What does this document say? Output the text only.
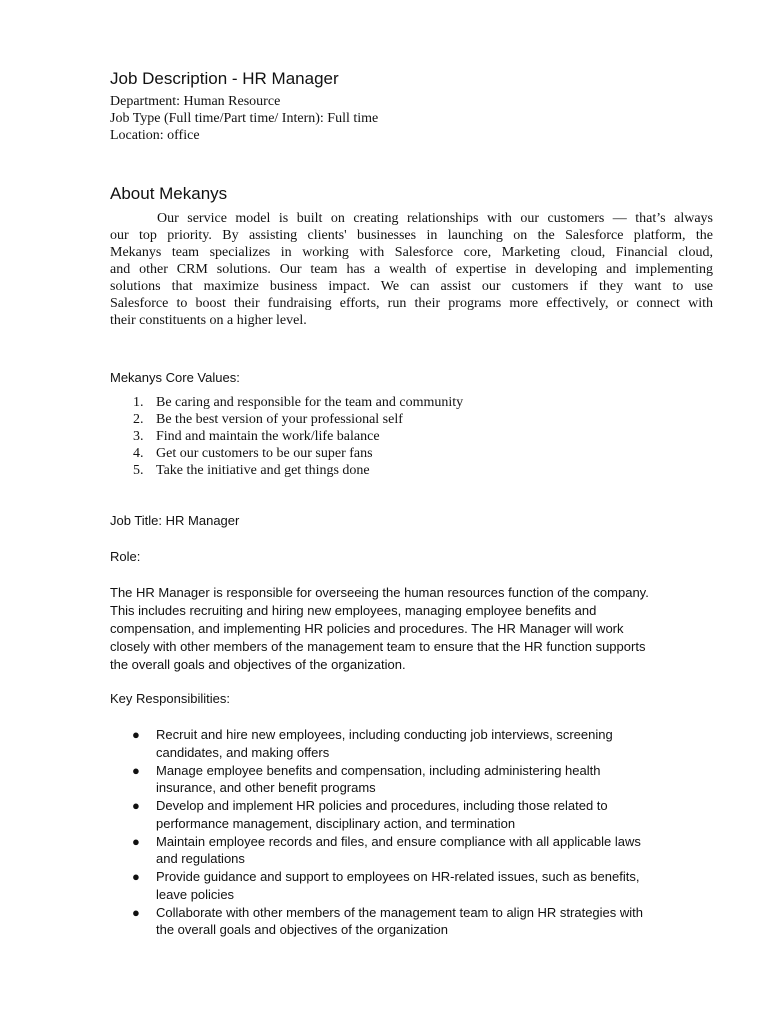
Job Description - HR Manager
Department: Human Resource
Job Type (Full time/Part time/ Intern): Full time
Location: office
About Mekanys
Our service model is built on creating relationships with our customers — that’s always
our top priority. By assisting clients' businesses in launching on the Salesforce platform, the
Mekanys team specializes in working with Salesforce core, Marketing cloud, Financial cloud,
and other CRM solutions. Our team has a wealth of expertise in developing and implementing
solutions that maximize business impact. We can assist our customers if they want to use
Salesforce to boost their fundraising efforts, run their programs more effectively, or connect with
their constituents on a higher level.
Mekanys Core Values:
1. Be caring and responsible for the team and community
2. Be the best version of your professional self
3. Find and maintain the work/life balance
4. Get our customers to be our super fans
5. Take the initiative and get things done
Job Title: HR Manager
Role:
The HR Manager is responsible for overseeing the human resources function of the company.
This includes recruiting and hiring new employees, managing employee benefits and
compensation, and implementing HR policies and procedures. The HR Manager will work
closely with other members of the management team to ensure that the HR function supports
the overall goals and objectives of the organization.
Key Responsibilities:
● Recruit and hire new employees, including conducting job interviews, screening
candidates, and making offers
● Manage employee benefits and compensation, including administering health
insurance, and other benefit programs
● Develop and implement HR policies and procedures, including those related to
performance management, disciplinary action, and termination
● Maintain employee records and files, and ensure compliance with all applicable laws
and regulations
● Provide guidance and support to employees on HR-related issues, such as benefits,
leave policies
● Collaborate with other members of the management team to align HR strategies with
the overall goals and objectives of the organization
